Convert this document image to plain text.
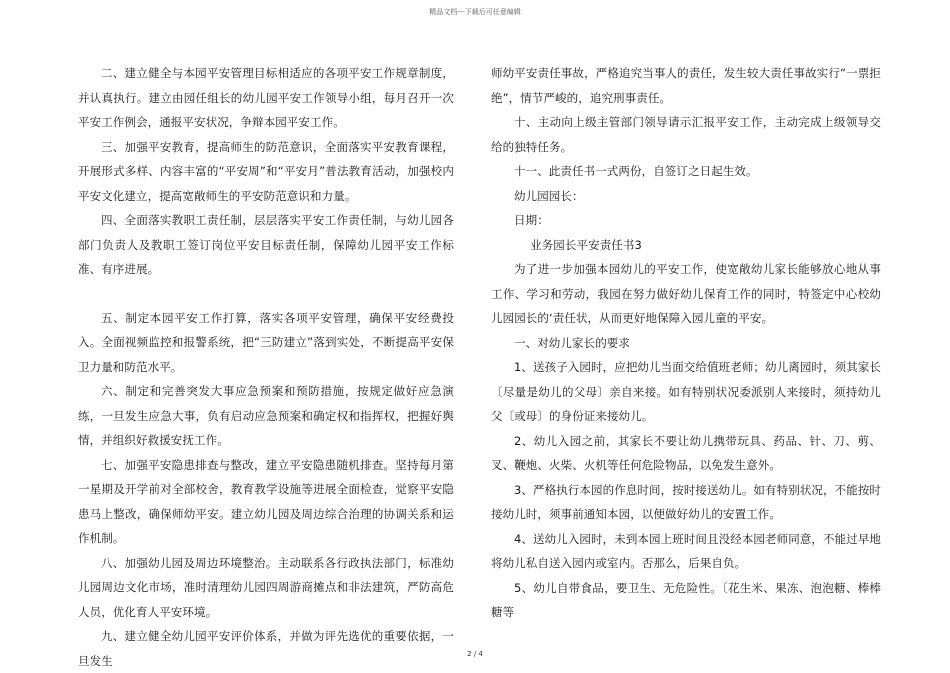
精品文档---下载后可任意编辑

二、建立健全与本园平安管理目标相适应的各项平安工作规章制度，并认真执行。建立由园任组长的幼儿园平安工作领导小组，每月召开一次平安工作例会，通报平安状况，争辩本园平安工作。

三、加强平安教育，提高师生的防范意识，全面落实平安教育课程，开展形式多样、内容丰富的“平安周”和“平安月”普法教育活动，加强校内平安文化建立，提高宽敞师生的平安防范意识和力量。

四、全面落实教职工责任制，层层落实平安工作责任制，与幼儿园各部门负责人及教职工签订岗位平安目标责任制，保障幼儿园平安工作标准、有序进展。

五、制定本园平安工作打算，落实各项平安管理，确保平安经费投入。全面视频监控和报警系统，把“三防建立”落到实处，不断提高平安保卫力量和防范水平。

六、制定和完善突发大事应急预案和预防措施，按规定做好应急演练，一旦发生应急大事，负有启动应急预案和确定权和指挥权，把握好舆情，并组织好救援安抚工作。

七、加强平安隐患排查与整改，建立平安隐患随机排查。坚持每月第一星期及开学前对全部校舍，教育教学设施等进展全面检查，觉察平安隐患马上整改，确保师幼平安。建立幼儿园及周边综合治理的协调关系和运作机制。

八、加强幼儿园及周边环境整治。主动联系各行政执法部门，标准幼儿园周边文化市场，准时清理幼儿园四周游商摊点和非法建筑，严防高危人员，优化育人平安环境。

九、建立健全幼儿园平安评价体系，并做为评先选优的重要依据，一旦发生

师幼平安责任事故，严格追究当事人的责任，发生较大责任事故实行“一票拒绝”，情节严峻的，追究刑事责任。

十、主动向上级主管部门领导请示汇报平安工作，主动完成上级领导交给的独特任务。

十一、此责任书一式两份，自签订之日起生效。

幼儿园园长：

日期：

业务园长平安责任书3

为了进一步加强本园幼儿的平安工作，使宽敞幼儿家长能够放心地从事工作、学习和劳动，我园在努力做好幼儿保育工作的同时，特签定中心校幼儿园园长的‘责任状，从而更好地保障入园儿童的平安。

一、对幼儿家长的要求

1、送孩子入园时，应把幼儿当面交给值班老师；幼儿离园时，须其家长〔尽量是幼儿的父母〕亲自来接。如有特别状况委派别人来接时，须持幼儿父〔或母〕的身份证来接幼儿。

2、幼儿入园之前，其家长不要让幼儿携带玩具、药品、针、刀、剪、叉、鞭炮、火柴、火机等任何危险物品，以免发生意外。

3、严格执行本园的作息时间，按时接送幼儿。如有特别状况，不能按时接幼儿时，须事前通知本园，以便做好幼儿的安置工作。

4、送幼儿入园时，未到本园上班时间且没经本园老师同意，不能过早地将幼儿私自送入园内或室内。否那么，后果自负。

5、幼儿自带食品，要卫生、无危险性。〔花生米、果冻、泡泡糖、棒棒糖等

2 / 4
